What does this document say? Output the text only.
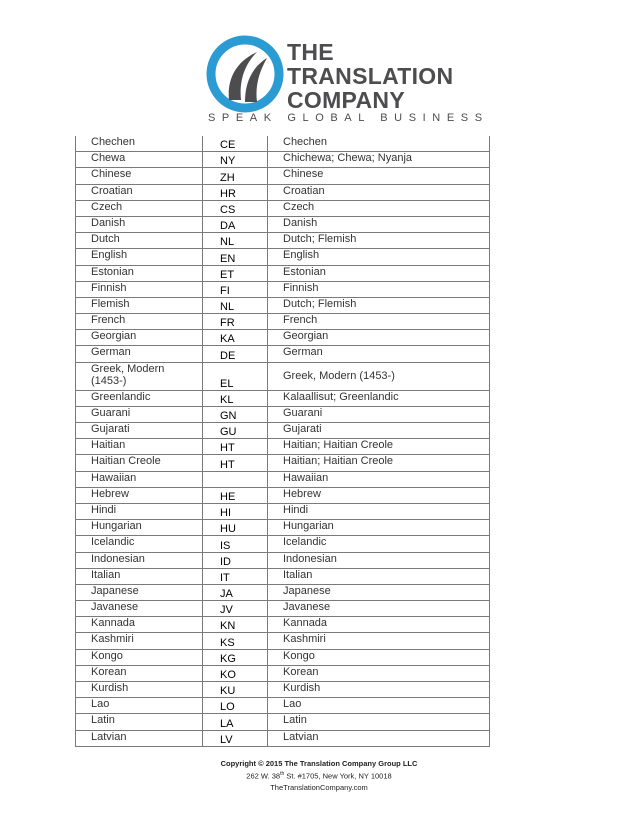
THE
TRANSLATION
COMPANY
SPEAK GLOBAL BUSINESS
Chechen	CE	Chechen
Chewa	NY	Chichewa; Chewa; Nyanja
Chinese	ZH	Chinese
Croatian	HR	Croatian
Czech	CS	Czech
Danish	DA	Danish
Dutch	NL	Dutch; Flemish
English	EN	English
Estonian	ET	Estonian
Finnish	FI	Finnish
Flemish	NL	Dutch; Flemish
French	FR	French
Georgian	KA	Georgian
German	DE	German
Greek, Modern (1453-)	EL	Greek, Modern (1453-)
Greenlandic	KL	Kalaallisut; Greenlandic
Guarani	GN	Guarani
Gujarati	GU	Gujarati
Haitian	HT	Haitian; Haitian Creole
Haitian Creole	HT	Haitian; Haitian Creole
Hawaiian		Hawaiian
Hebrew	HE	Hebrew
Hindi	HI	Hindi
Hungarian	HU	Hungarian
Icelandic	IS	Icelandic
Indonesian	ID	Indonesian
Italian	IT	Italian
Japanese	JA	Japanese
Javanese	JV	Javanese
Kannada	KN	Kannada
Kashmiri	KS	Kashmiri
Kongo	KG	Kongo
Korean	KO	Korean
Kurdish	KU	Kurdish
Lao	LO	Lao
Latin	LA	Latin
Latvian	LV	Latvian
Copyright © 2015 The Translation Company Group LLC
262 W. 38th St. #1705, New York, NY 10018
TheTranslationCompany.com
